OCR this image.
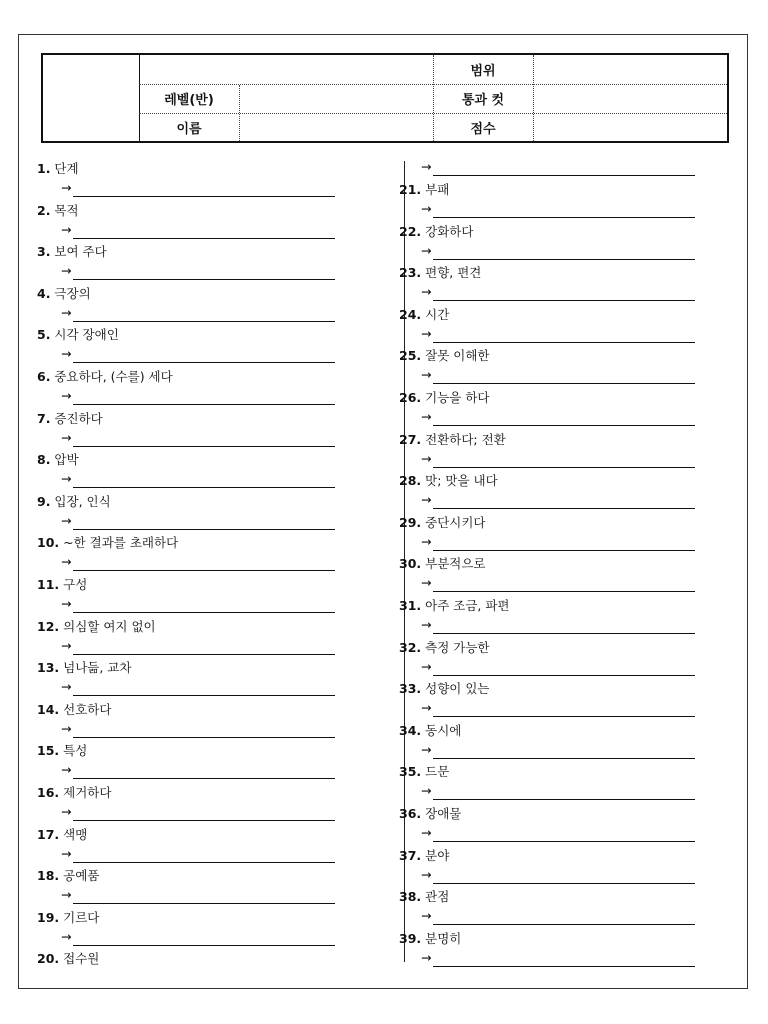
레벨(반)
이름
범위
통과 컷
점수
1. 단계
→
2. 목적
→
3. 보여 주다
→
4. 극장의
→
5. 시각 장애인
→
6. 중요하다, (수를) 세다
→
7. 증진하다
→
8. 압박
→
9. 입장, 인식
→
10. ~한 결과를 초래하다
→
11. 구성
→
12. 의심할 여지 없이
→
13. 넘나듦, 교차
→
14. 선호하다
→
15. 특성
→
16. 제거하다
→
17. 색맹
→
18. 공예품
→
19. 기르다
→
20. 접수원
→
21. 부패
→
22. 강화하다
→
23. 편향, 편견
→
24. 시간
→
25. 잘못 이해한
→
26. 기능을 하다
→
27. 전환하다; 전환
→
28. 맛; 맛을 내다
→
29. 중단시키다
→
30. 부분적으로
→
31. 아주 조금, 파편
→
32. 측정 가능한
→
33. 성향이 있는
→
34. 동시에
→
35. 드문
→
36. 장애물
→
37. 분야
→
38. 관점
→
39. 분명히
→
